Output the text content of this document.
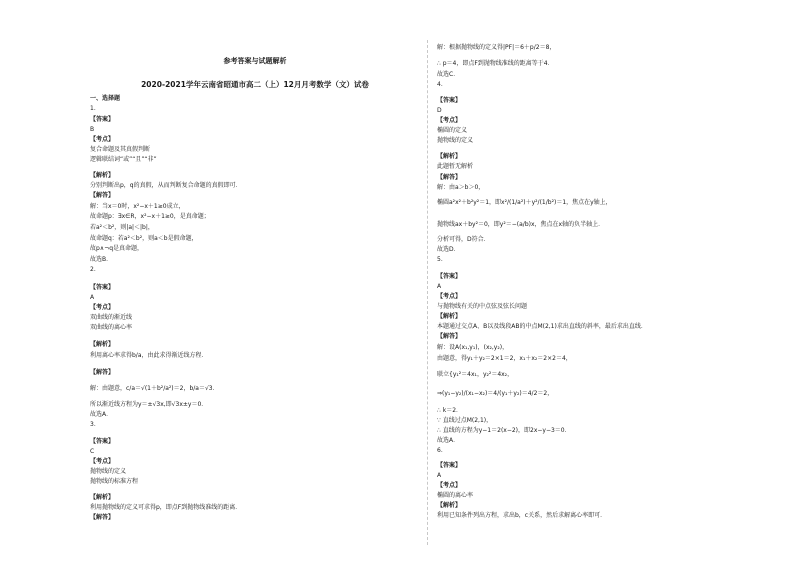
参考答案与试题解析
2020-2021学年云南省昭通市高二（上）12月月考数学（文）试卷
一、选择题
1.
【答案】
B
【考点】
复合命题及其真假判断
逻辑联结词“或”“且”“非”
【解析】
分别判断出p，q的真假，从而判断复合命题的真假即可．
【解答】
解：当x＝0时，x²−x＋1≥0成立，
故命题p：∃x∈R，x²−x＋1≥0，是真命题；
若a²＜b²，则|a|＜|b|，
故命题q：若a²＜b²，则a＜b是假命题，
故p∧¬q是真命题，
故选B．
2.
【答案】
A
【考点】
双曲线的渐近线
双曲线的离心率
【解析】
利用离心率求得b/a，由此求得渐近线方程．
【解答】
解：由题意，c/a＝√(1＋b²/a²)＝2，b/a＝√3．
所以渐近线方程为y＝±√3x,即√3x±y＝0．
故选A．
3.
【答案】
C
【考点】
抛物线的定义
抛物线的标准方程
【解析】
利用抛物线的定义可求得p，即点F到抛物线准线的距离．
【解答】
解：根据抛物线的定义得|PF|＝6＋p/2＝8，
∴ p＝4，即点F到抛物线准线的距离等于4．
故选C．
4.
【答案】
D
【考点】
椭圆的定义
抛物线的定义
【解析】
此题暂无解析
【解答】
解：由a＞b＞0，
椭圆a²x²＋b²y²＝1，即x²/(1/a²)＋y²/(1/b²)＝1，焦点在y轴上，
抛物线ax＋by²＝0，即y²＝−(a/b)x，焦点在x轴的负半轴上．
分析可得，D符合．
故选D．
5.
【答案】
A
【考点】
与抛物线有关的中点弦及弦长问题
【解析】
本题通过交点A、B以及线段AB的中点M(2,1)求出直线的斜率，最后求出直线．
【解答】
解：设A(x₁,y₁)，(x₂,y₂)，
由题意，得y₁＋y₂＝2×1＝2，x₁＋x₂＝2×2＝4，
联立{y₁²＝4x₁，y₂²＝4x₂，
⇒(y₁−y₂)/(x₁−x₂)＝4/(y₁＋y₂)＝4/2＝2，
∴ k＝2．
∵ 直线过点M(2,1)，
∴ 直线的方程为y−1＝2(x−2)，即2x−y−3＝0．
故选A．
6.
【答案】
A
【考点】
椭圆的离心率
【解析】
利用已知条件列出方程，求出b，c关系，然后求解离心率即可．
